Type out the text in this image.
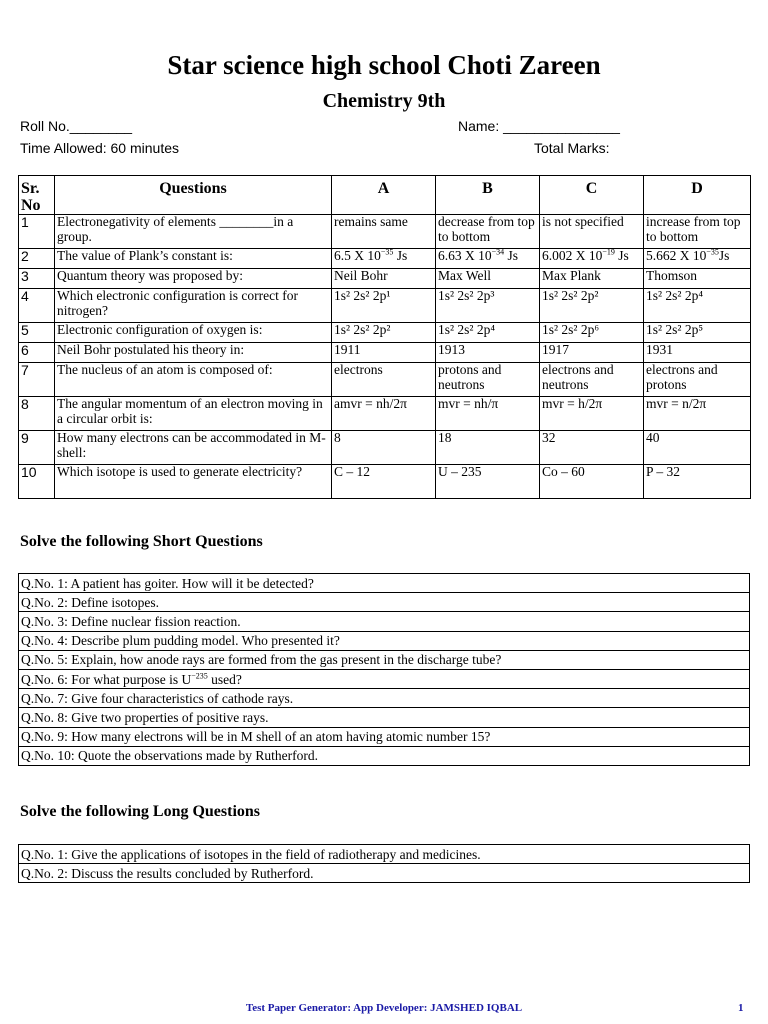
Star science high school Choti Zareen
Chemistry 9th
Roll No.________	Name: _______________
Time Allowed: 60 minutes	Total Marks:
Sr. No	Questions	A	B	C	D
1	Electronegativity of elements ________in a group.	remains same	decrease from top to bottom	is not specified	increase from top to bottom
2	The value of Plank’s constant is:	6.5 X $10^{-35}$ Js	6.63 X $10^{-34}$ Js	6.002 X $10^{-19}$ Js	5.662 X $10^{-35}Js$
3	Quantum theory was proposed by:	Neil Bohr	Max Well	Max Plank	Thomson
4	Which electronic configuration is correct for nitrogen?	1s² 2s² 2p¹	1s² 2s² 2p³	1s² 2s² 2p²	1s² 2s² 2p⁴
5	Electronic configuration of oxygen is:	1s² 2s² 2p²	1s² 2s² 2p⁴	1s² 2s² 2p⁶	1s² 2s² 2p⁵
6	Neil Bohr postulated his theory in:	1911	1913	1917	1931
7	The nucleus of an atom is composed of:	electrons	protons and neutrons	electrons and neutrons	electrons and protons
8	The angular momentum of an electron moving in a circular orbit is:	amvr = nh/2π	mvr = nh/π	mvr = h/2π	mvr = n/2π
9	How many electrons can be accommodated in M-shell:	8	18	32	40
10	Which isotope is used to generate electricity?	C – 12	U – 235	Co – 60	P – 32
Solve the following Short Questions
Q.No. 1: A patient has goiter. How will it be detected?
Q.No. 2: Define isotopes.
Q.No. 3: Define nuclear fission reaction.
Q.No. 4: Describe plum pudding model. Who presented it?
Q.No. 5: Explain, how anode rays are formed from the gas present in the discharge tube?
Q.No. 6: For what purpose is $U^{-235}$ used?
Q.No. 7: Give four characteristics of cathode rays.
Q.No. 8: Give two properties of positive rays.
Q.No. 9: How many electrons will be in M shell of an atom having atomic number 15?
Q.No. 10: Quote the observations made by Rutherford.
Solve the following Long Questions
Q.No. 1: Give the applications of isotopes in the field of radiotherapy and medicines.
Q.No. 2: Discuss the results concluded by Rutherford.
Test Paper Generator: App Developer: JAMSHED IQBAL	1
